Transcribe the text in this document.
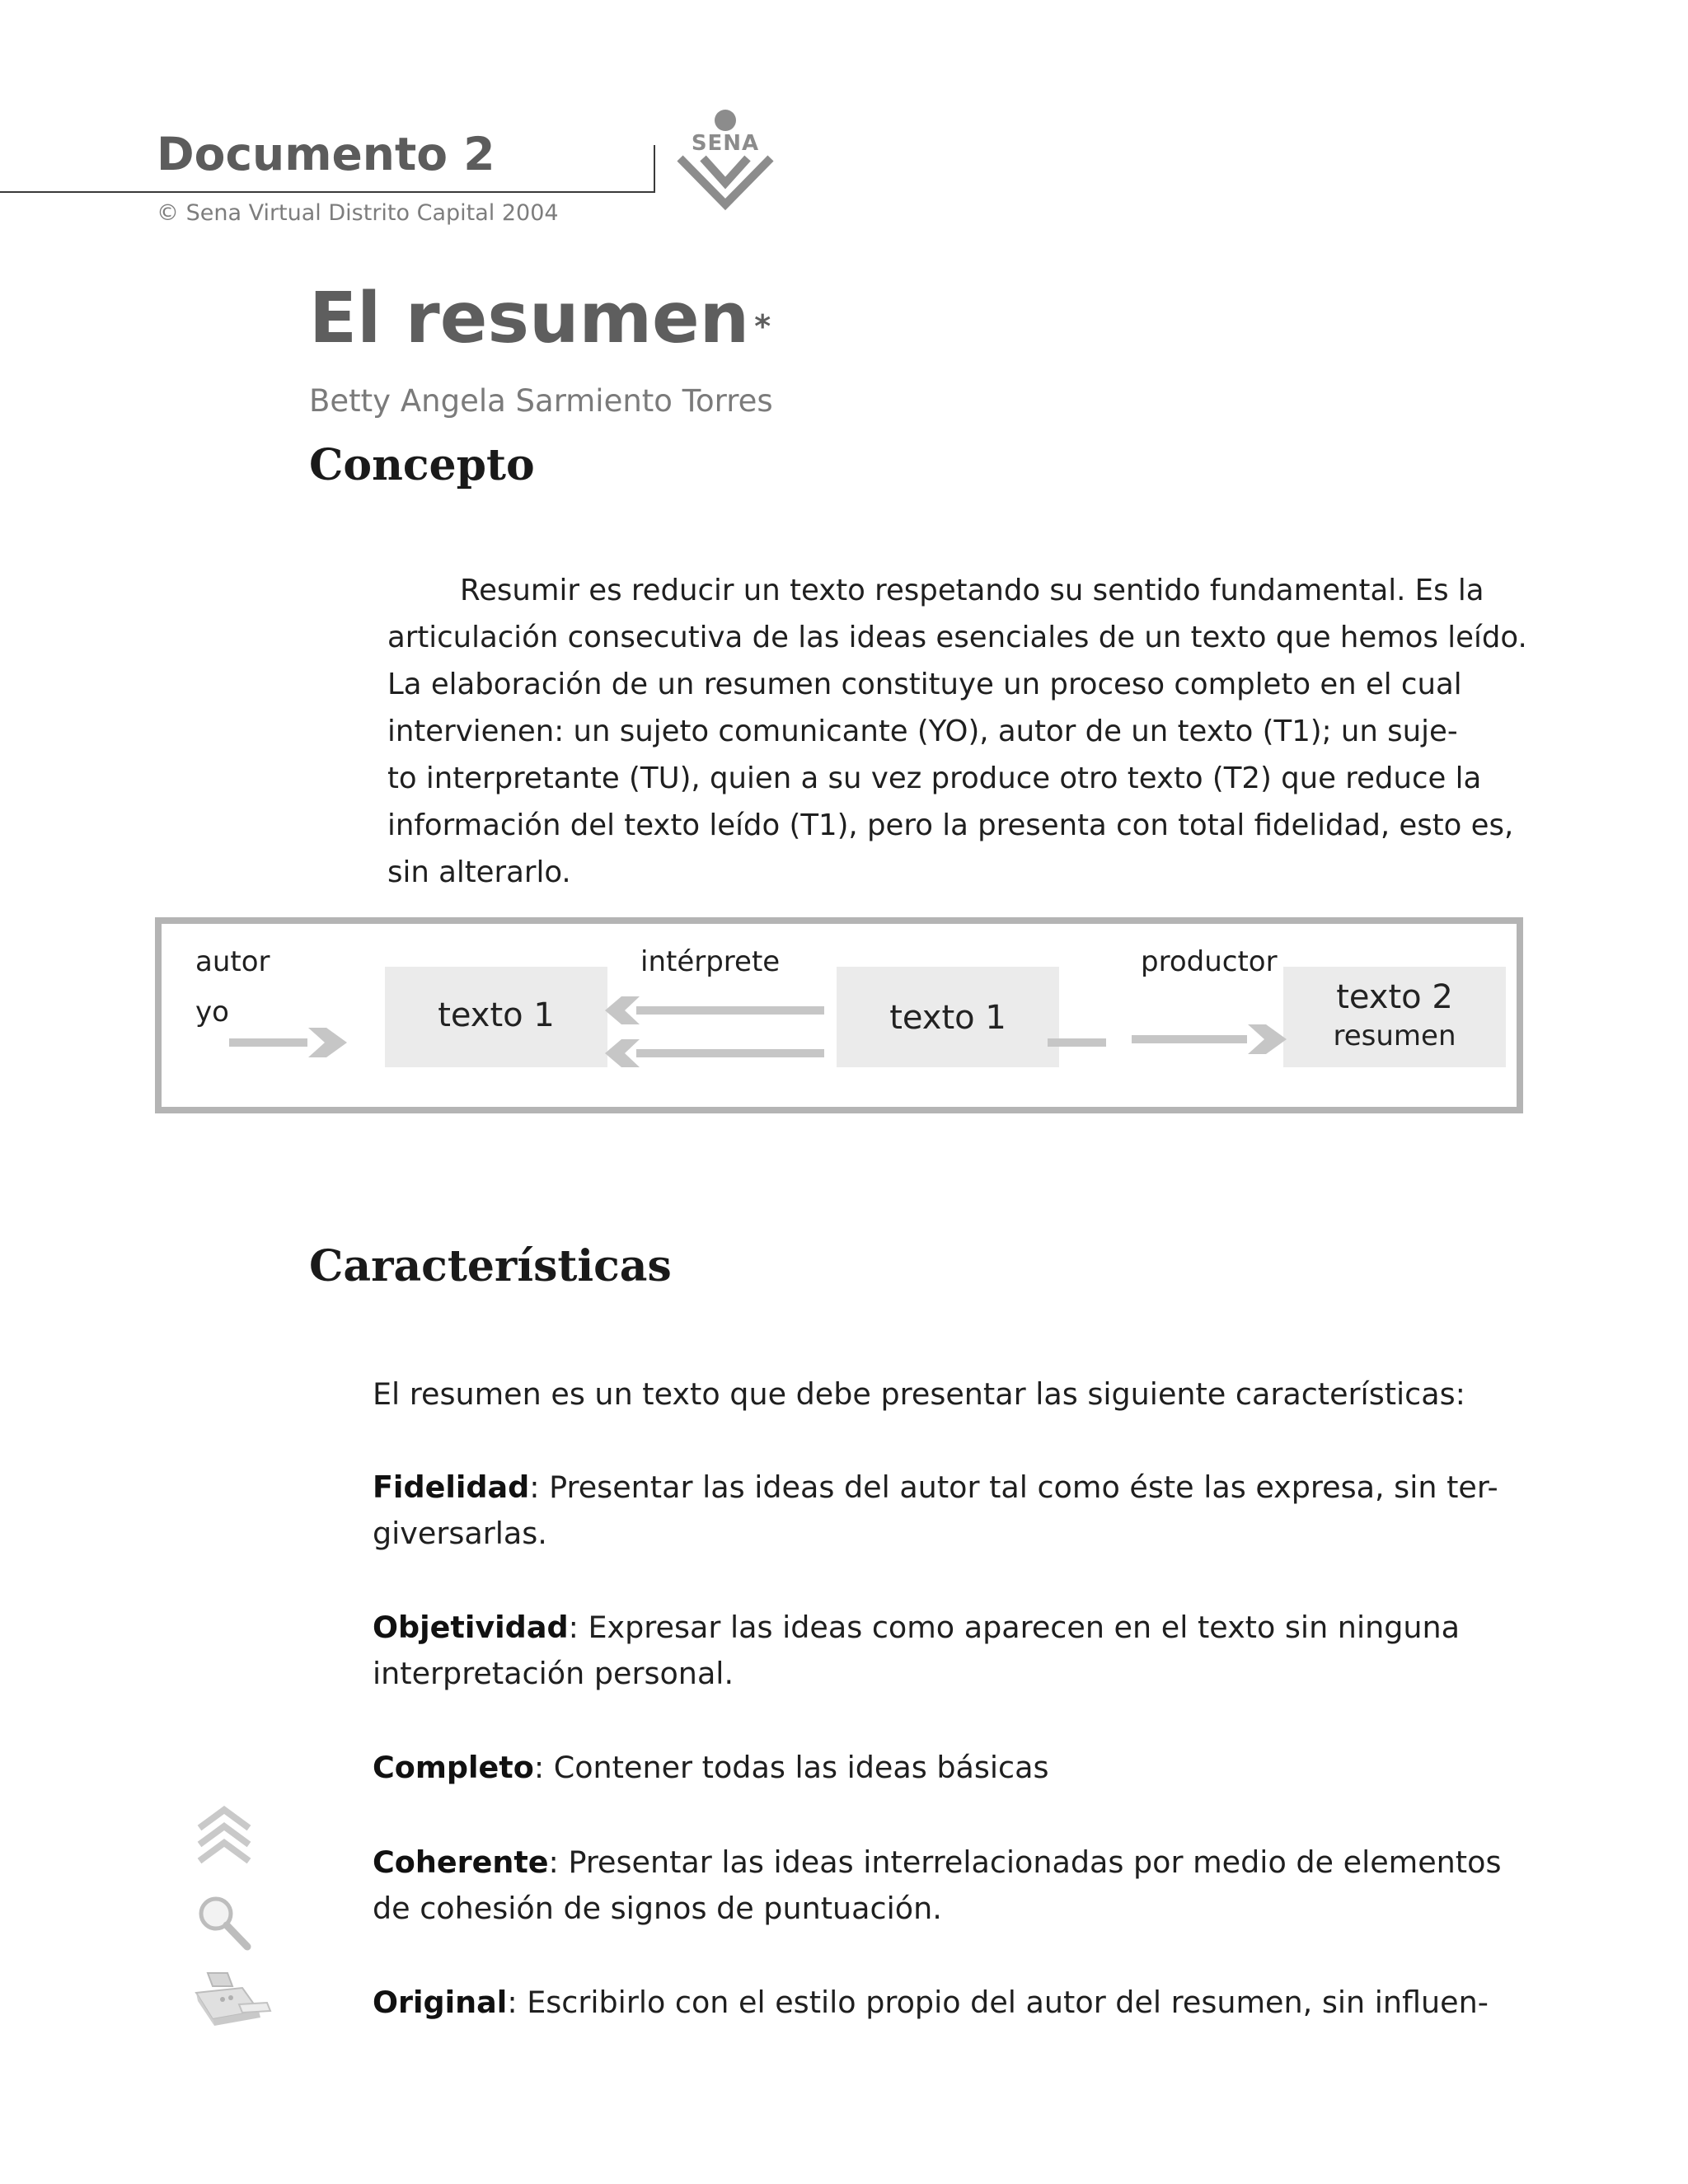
Documento 2
© Sena Virtual Distrito Capital 2004
SENA
El resumen *
Betty Angela Sarmiento Torres
Concepto
Resumir es reducir un texto respetando su sentido fundamental. Es la
articulación consecutiva de las ideas esenciales de un texto que hemos leído.
La elaboración de un resumen constituye un proceso completo en el cual
intervienen: un sujeto comunicante (YO), autor de un texto (T1); un suje-
to interpretante (TU), quien a su vez produce otro texto (T2) que reduce la
información del texto leído (T1), pero la presenta con total fidelidad, esto es,
sin alterarlo.
autor
yo
intérprete	productor
texto 1	texto 1
texto 2
resumen
Características
El resumen es un texto que debe presentar las siguiente características:
Fidelidad: Presentar las ideas del autor tal como éste las expresa, sin ter-
giversarlas.
Objetividad: Expresar las ideas como aparecen en el texto sin ninguna
interpretación personal.
Completo: Contener todas las ideas básicas
Coherente: Presentar las ideas interrelacionadas por medio de elementos
de cohesión de signos de puntuación.
Original: Escribirlo con el estilo propio del autor del resumen, sin influen-
